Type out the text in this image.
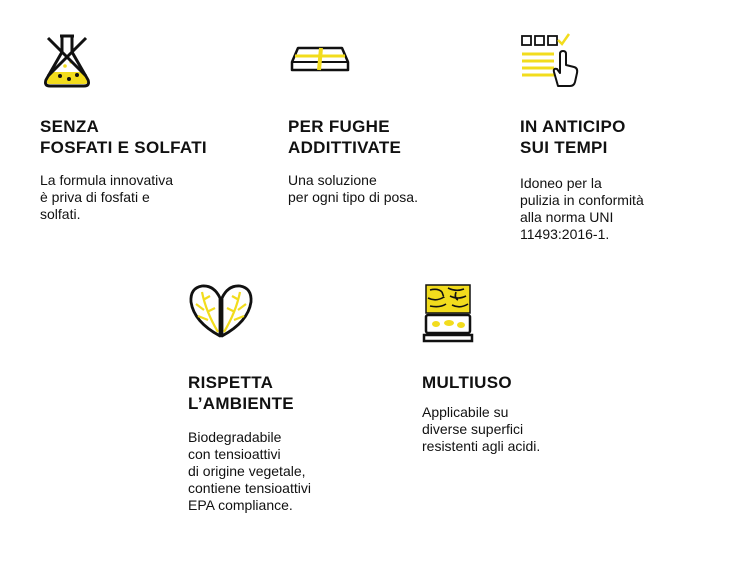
SENZA
FOSFATI E SOLFATI

La formula innovativa
è priva di fosfati e
solfati.

PER FUGHE
ADDITTIVATE

Una soluzione
per ogni tipo di posa.

IN ANTICIPO
SUI TEMPI

Idoneo per la
pulizia in conformità
alla norma UNI
11493:2016-1.

RISPETTA
L’AMBIENTE

Biodegradabile
con tensioattivi
di origine vegetale,
contiene tensioattivi
EPA compliance.

MULTIUSO

Applicabile su
diverse superfici
resistenti agli acidi.
